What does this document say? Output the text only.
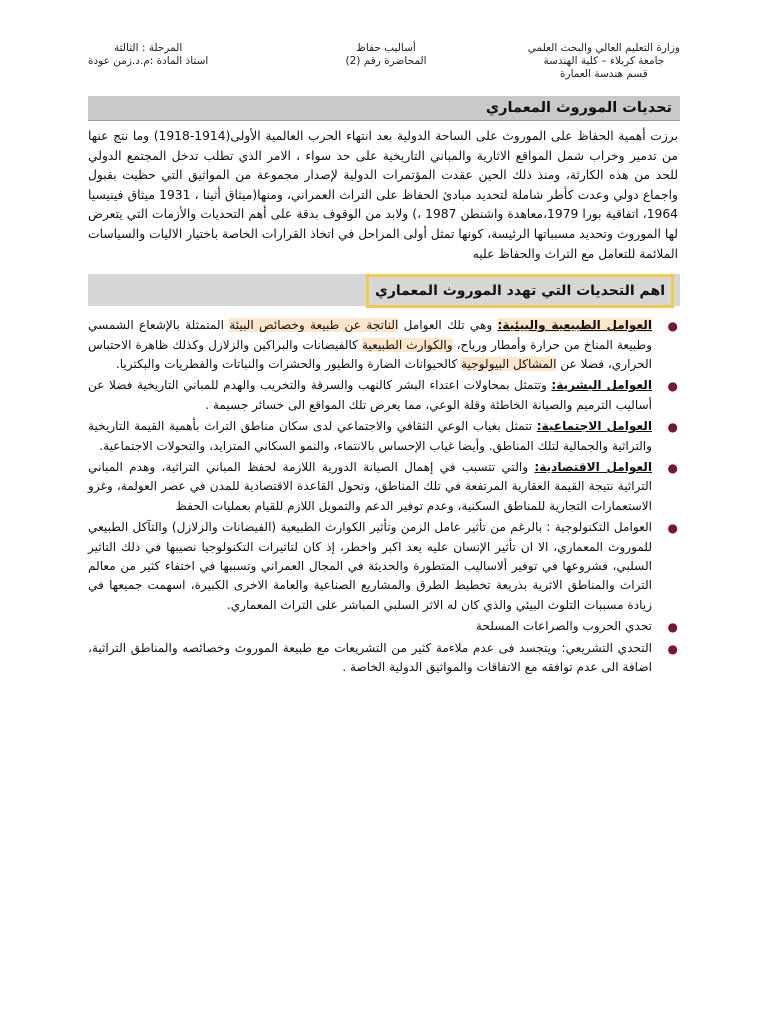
وزارة التعليم العالي والبحث العلمي
جامعة كربلاء – كلية الهندسة
قسم هندسة العمارة
أساليب حفاظ
المحاضرة رقم (2)
المرحلة : الثالثة
استاذ المادة :م.د.زمن عودة
تحديات الموروث المعماري

برزت أهمية الحفاظ على الموروث على الساحة الدولية بعد انتهاء الحرب العالمية الأولى(1914-1918) وما نتج عنها من تدمير وخراب شمل المواقع الاثارية والمباني التاريخية على حد سواء ، الامر الذي تطلب تدخل المجتمع الدولي للحد من هذه الكارثة، ومنذ ذلك الحين عقدت المؤتمرات الدولية لإصدار مجموعة من المواثيق التي حظيت بقبول واجماع دولي وعدت كأطر شاملة لتحديد مبادئ الحفاظ على التراث العمراني، ومنها(ميثاق أثينا ، 1931 ميثاق فينيسيا 1964، اتفاقية بورا 1979،معاهدة واشنطن 1987 ،) ولابد من الوقوف بدقة على أهم التحديات والأزمات التي يتعرض لها الموروث وتحديد مسبباتها الرئيسة، كونها تمثل أولى المراحل في اتخاذ القرارات الخاصة باختيار الاليات والسياسات الملائمة للتعامل مع التراث والحفاظ عليه

اهم التحديات التي تهدد الموروث المعماري
●
العوامل الطبيعية والبيئية: وهي تلك العوامل الناتجة عن طبيعة وخصائص البيئة المتمثلة بالإشعاع الشمسي وطبيعة المناخ من حرارة وأمطار ورياح، والكوارث الطبيعية كالفيضانات والبراكين والزلازل وكذلك ظاهرة الاحتباس الحراري، فضلا عن المشاكل البيولوجية كالحيوانات الضارة والطيور والحشرات والنباتات والفطريات والبكتريا.
●
العوامل البشرية: وتتمثل بمحاولات اعتداء البشر كالنهب والسرقة والتخريب والهدم للمباني التاريخية فضلا عن أساليب الترميم والصيانة الخاطئة وقلة الوعي، مما يعرض تلك المواقع الى خسائر جسيمة .
●
العوامل الاجتماعية: تتمثل بغياب الوعي الثقافي والاجتماعي لدى سكان مناطق التراث بأهمية القيمة التاريخية والتراثية والجمالية لتلك المناطق. وأيضا غياب الإحساس بالانتماء، والنمو السكاني المتزايد، والتحولات الاجتماعية.
●
العوامل الاقتصادية: والتي تتسبب في إهمال الصيانة الدورية اللازمة لحفظ المباني التراثية، وهدم المباني التراثية نتيجة القيمة العقارية المرتفعة في تلك المناطق، وتحول القاعدة الاقتصادية للمدن في عصر العولمة، وغزو الاستعمارات التجارية للمناطق السكنية، وعدم توفير الدعم والتمويل اللازم للقيام بعمليات الحفظ
●
العوامل التكنولوجية : بالرغم من تأثير عامل الزمن وتأثير الكوارث الطبيعية (الفيضانات والزلازل) والتآكل الطبيعي للموروث المعماري، الا ان تأثير الإنسان عليه يعد اكبر واخطر، إذ كان لتاثيرات التكنولوجيا نصيبها في ذلك التاثير السلبي، فشروعها في توفير ألاساليب المتطورة والحديثة في المجال العمراني وتسببها في اختفاء كثير من معالم التراث والمناطق الاثرية بذريعة تخطيط الطرق والمشاريع الصناعية والعامة الاخرى الكبيرة، اسهمت جميعها في زيادة مسببات التلوث البيئي والذي كان له الاثر السلبي المباشر على التراث المعماري.
●
تحدي الحروب والصراعات المسلحة
●
التحدي التشريعي: ويتجسد فى عدم ملاءمة كثير من التشريعات مع طبيعة الموروث وخصائصه والمناطق التراثية، اضافة الى عدم توافقه مع الاتفاقات والمواثيق الدولية الخاصة .
